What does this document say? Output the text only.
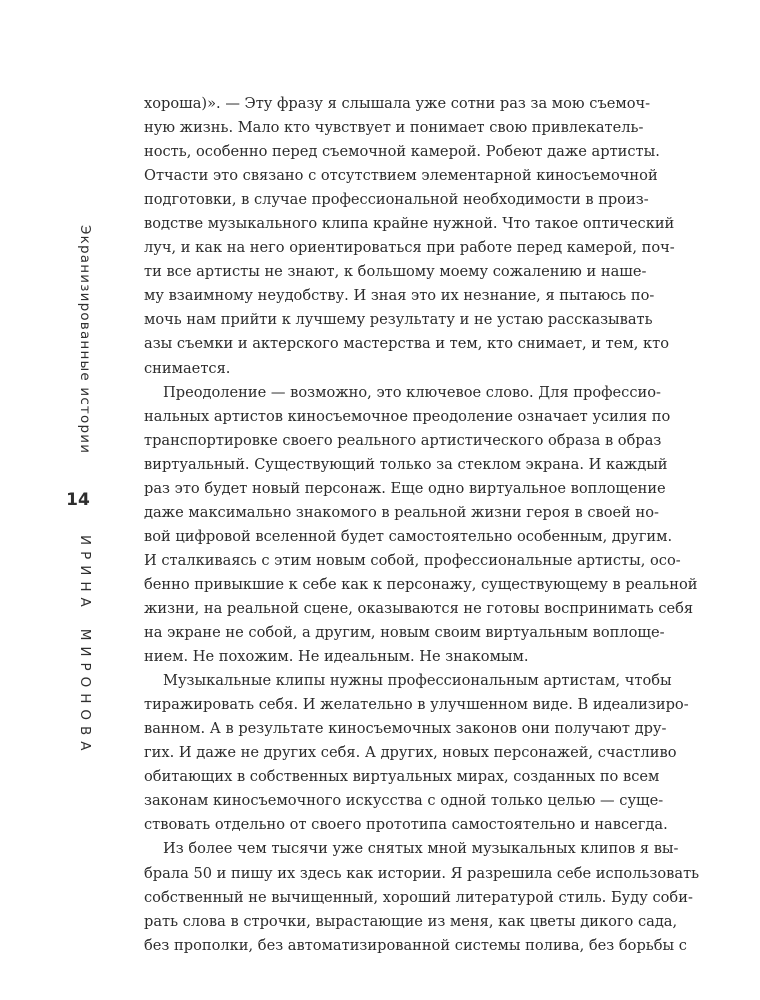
Экранизированные истории
14
ИРИНАМИРОНОВА

хороша)». — Эту фразу я слышала уже сотни раз за мою съемоч-
ную жизнь. Мало кто чувствует и понимает свою привлекатель-
ность, особенно перед съемочной камерой. Робеют даже артисты.
Отчасти это связано с отсутствием элементарной киносъемочной
подготовки, в случае профессиональной необходимости в произ-
водстве музыкального клипа крайне нужной. Что такое оптический
луч, и как на него ориентироваться при работе перед камерой, поч-
ти все артисты не знают, к большому моему сожалению и наше-
му взаимному неудобству. И зная это их незнание, я пытаюсь по-
мочь нам прийти к лучшему результату и не устаю рассказывать
азы съемки и актерского мастерства и тем, кто снимает, и тем, кто
снимается.

Преодоление — возможно, это ключевое слово. Для профессио-
нальных артистов киносъемочное преодоление означает усилия по
транспортировке своего реального артистического образа в образ
виртуальный. Существующий только за стеклом экрана. И каждый
раз это будет новый персонаж. Еще одно виртуальное воплощение
даже максимально знакомого в реальной жизни героя в своей но-
вой цифровой вселенной будет самостоятельно особенным, другим.
И сталкиваясь с этим новым собой, профессиональные артисты, осо-
бенно привыкшие к себе как к персонажу, существующему в реальной
жизни, на реальной сцене, оказываются не готовы воспринимать себя
на экране не собой, а другим, новым своим виртуальным воплоще-
нием. Не похожим. Не идеальным. Не знакомым.

Музыкальные клипы нужны профессиональным артистам, чтобы
тиражировать себя. И желательно в улучшенном виде. В идеализиро-
ванном. А в результате киносъемочных законов они получают дру-
гих. И даже не других себя. А других, новых персонажей, счастливо
обитающих в собственных виртуальных мирах, созданных по всем
законам киносъемочного искусства с одной только целью — суще-
ствовать отдельно от своего прототипа самостоятельно и навсегда.

Из более чем тысячи уже снятых мной музыкальных клипов я вы-
брала 50 и пишу их здесь как истории. Я разрешила себе использовать
собственный не вычищенный, хороший литературой стиль. Буду соби-
рать слова в строчки, вырастающие из меня, как цветы дикого сада,
без прополки, без автоматизированной системы полива, без борьбы с
